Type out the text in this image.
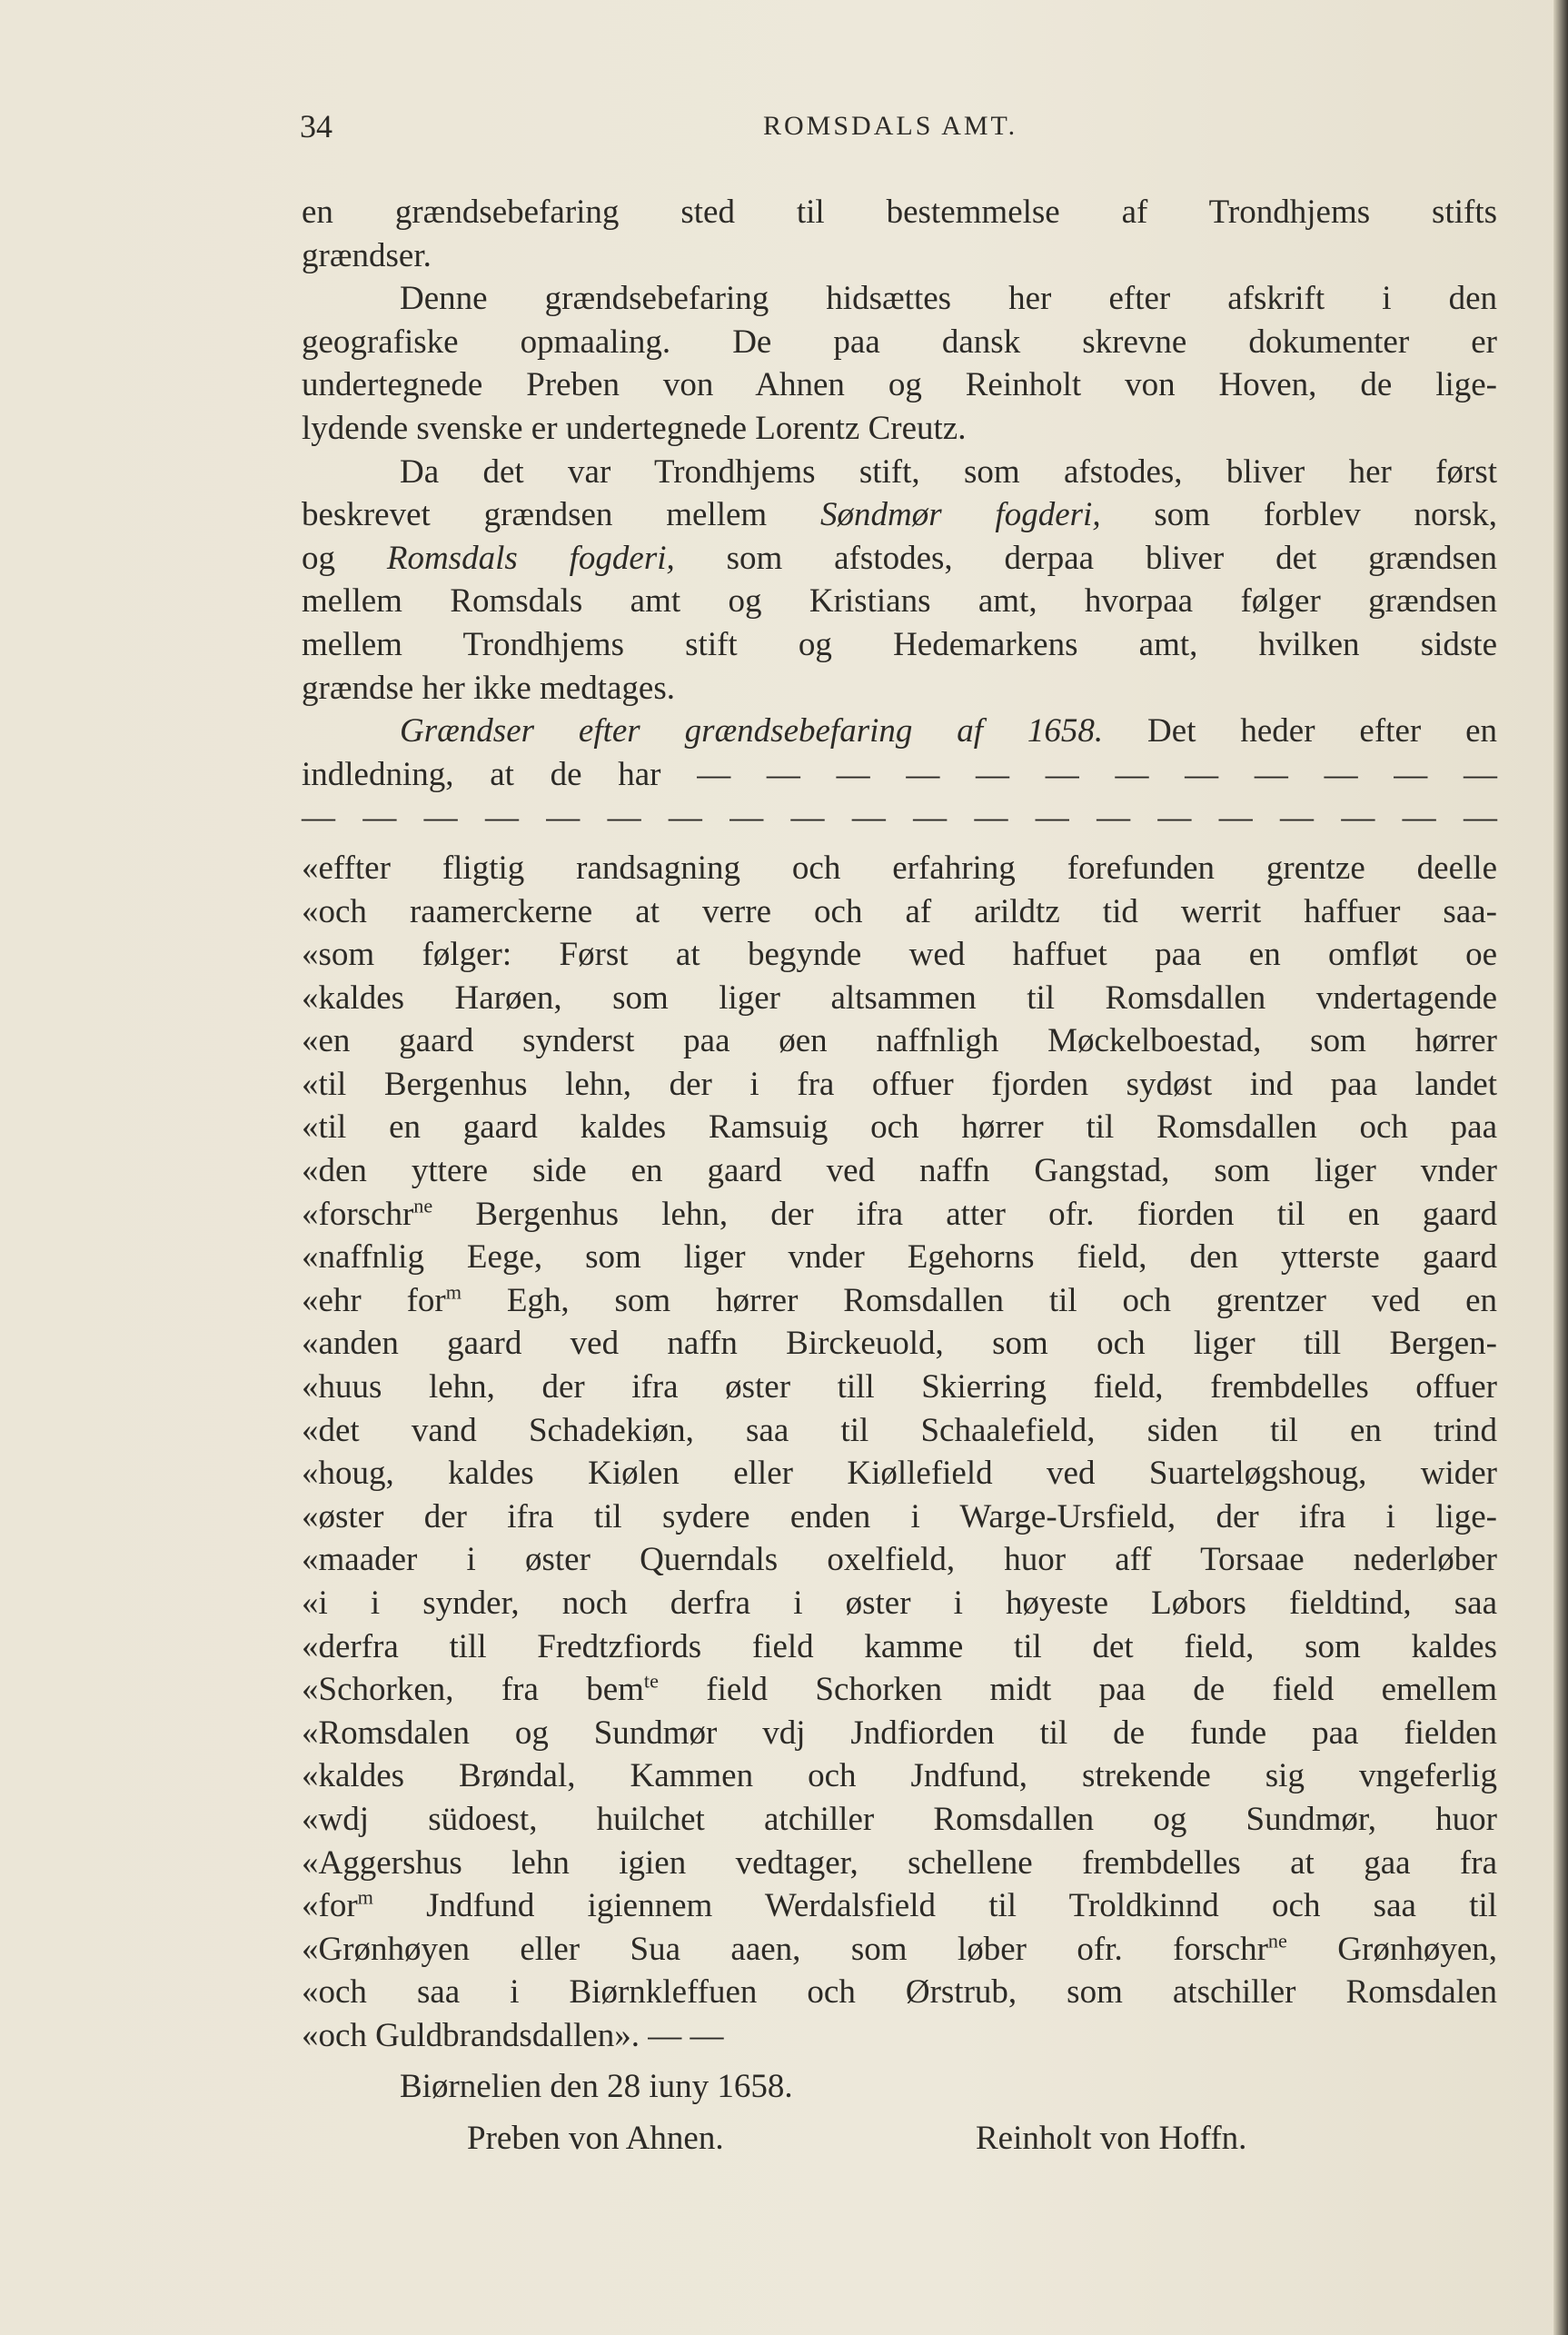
34	ROMSDALS AMT.
en grændsebefaring sted til bestemmelse af Trondhjems stifts
grændser.
Denne grændsebefaring hidsættes her efter afskrift i den
geografiske opmaaling. De paa dansk skrevne dokumenter er
undertegnede Preben von Ahnen og Reinholt von Hoven, de lige-
lydende svenske er undertegnede Lorentz Creutz.
Da det var Trondhjems stift, som afstodes, bliver her først
beskrevet grændsen mellem Søndmør fogderi, som forblev norsk,
og Romsdals fogderi, som afstodes, derpaa bliver det grændsen
mellem Romsdals amt og Kristians amt, hvorpaa følger grændsen
mellem Trondhjems stift og Hedemarkens amt, hvilken sidste
grændse her ikke medtages.
Grændser efter grændsebefaring af 1658. Det heder efter en
indledning, at de har — — — — — — — — — — — —
— — — — — — — — — — — — — — — — — — — —
«effter fligtig randsagning och erfahring forefunden grentze deelle
«och raamerckerne at verre och af arildtz tid werrit haffuer saa-
«som følger: Først at begynde wed haffuet paa en omfløt oe
«kaldes Harøen, som liger altsammen til Romsdallen vndertagende
«en gaard synderst paa øen naffnligh Møckelboestad, som hørrer
«til Bergenhus lehn, der i fra offuer fjorden sydøst ind paa landet
«til en gaard kaldes Ramsuig och hørrer til Romsdallen och paa
«den yttere side en gaard ved naffn Gangstad, som liger vnder
«forschr$^{ne}$ Bergenhus lehn, der ifra atter ofr. fiorden til en gaard
«naffnlig Eege, som liger vnder Egehorns field, den ytterste gaard
«ehr for$^m$ Egh, som hørrer Romsdallen til och grentzer ved en
«anden gaard ved naffn Birckeuold, som och liger till Bergen-
«huus lehn, der ifra øster till Skierring field, frembdelles offuer
«det vand Schadekiøn, saa til Schaalefield, siden til en trind
«houg, kaldes Kiølen eller Kiøllefield ved Suarteløgshoug, wider
«øster der ifra til sydere enden i Warge-Ursfield, der ifra i lige-
«maader i øster Querndals oxelfield, huor aff Torsaae nederløber
«i i synder, noch derfra i øster i høyeste Løbors fieldtind, saa
«derfra till Fredtzfiords field kamme til det field, som kaldes
«Schorken, fra bem$^{te}$ field Schorken midt paa de field emellem
«Romsdalen og Sundmør vdj Jndfiorden til de funde paa fielden
«kaldes Brøndal, Kammen och Jndfund, strekende sig vngeferlig
«wdj südoest, huilchet atchiller Romsdallen og Sundmør, huor
«Aggershus lehn igien vedtager, schellene frembdelles at gaa fra
«for$^m$ Jndfund igiennem Werdalsfield til Troldkinnd och saa til
«Grønhøyen eller Sua aaen, som løber ofr. forschr$^{ne}$ Grønhøyen,
«och saa i Biørnkleffuen och Ørstrub, som atschiller Romsdalen
«och Guldbrandsdallen». — —
Biørnelien den 28 iuny 1658.
Preben von Ahnen.	Reinholt von Hoffn.
